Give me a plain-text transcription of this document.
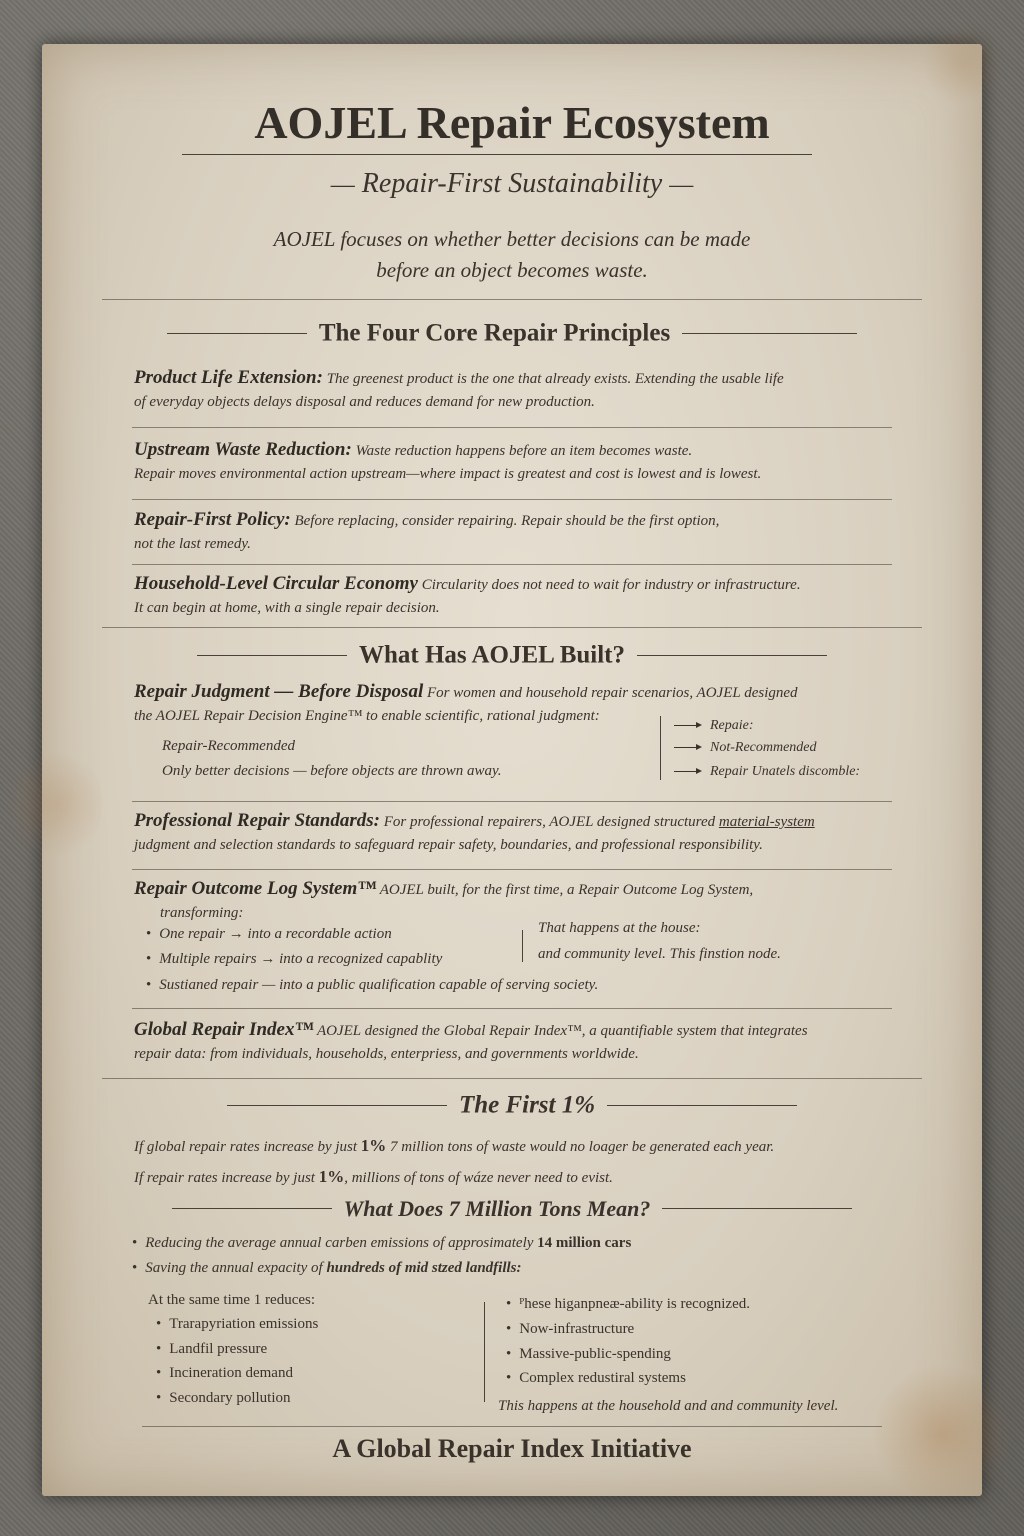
AOJEL Repair Ecosystem
— Repair-First Sustainability —
AOJEL focuses on whether better decisions can be made
before an object becomes waste.
The Four Core Repair Principles
Product Life Extension: The greenest product is the one that already exists. Extending the usable life
of everyday objects delays disposal and reduces demand for new production.
Upstream Waste Reduction: Waste reduction happens before an item becomes waste.
Repair moves environmental action upstream—where impact is greatest and cost is lowest and is lowest.
Repair-First Policy: Before replacing, consider repairing. Repair should be the first option,
not the last remedy.
Household-Level Circular Economy Circularity does not need to wait for industry or infrastructure.
It can begin at home, with a single repair decision.
What Has AOJEL Built?
Repair Judgment — Before Disposal For women and household repair scenarios, AOJEL designed
the AOJEL Repair Decision Engine™ to enable scientific, rational judgment:
Repair-Recommended
Only better decisions — before objects are thrown away.
Repaie:
Not-Recommended
Repair Unatels discomble:
Professional Repair Standards: For professional repairers, AOJEL designed structured material-system
judgment and selection standards to safeguard repair safety, boundaries, and professional responsibility.
Repair Outcome Log System™ AOJEL built, for the first time, a Repair Outcome Log System,
transforming:
• One repair → into a recordable action
• Multiple repairs → into a recognized capablity
• Sustianed repair — into a public qualification capable of serving society.
That happens at the house:
and community level. This finstion node.
Global Repair Index™ AOJEL designed the Global Repair Index™, a quantifiable system that integrates
repair data: from individuals, households, enterpriess, and governments worldwide.
The First 1%
If global repair rates increase by just 1% 7 million tons of waste would no loager be generated each year.
If repair rates increase by just 1%, millions of tons of wáze never need to evist.
What Does 7 Million Tons Mean?
• Reducing the average annual carben emissions of approsimately 14 million cars
• Saving the annual expacity of hundreds of mid stzed landfills:
At the same time 1 reduces:
• Trarapyriation emissions
• Landfil pressure
• Incineration demand
• Secondary pollution
• ᴾhese higanpneæ-ability is recognized.
• Now-infrastructure
• Massive-public-spending
• Complex redustiral systems
This happens at the household and and community level.
A Global Repair Index Initiative
